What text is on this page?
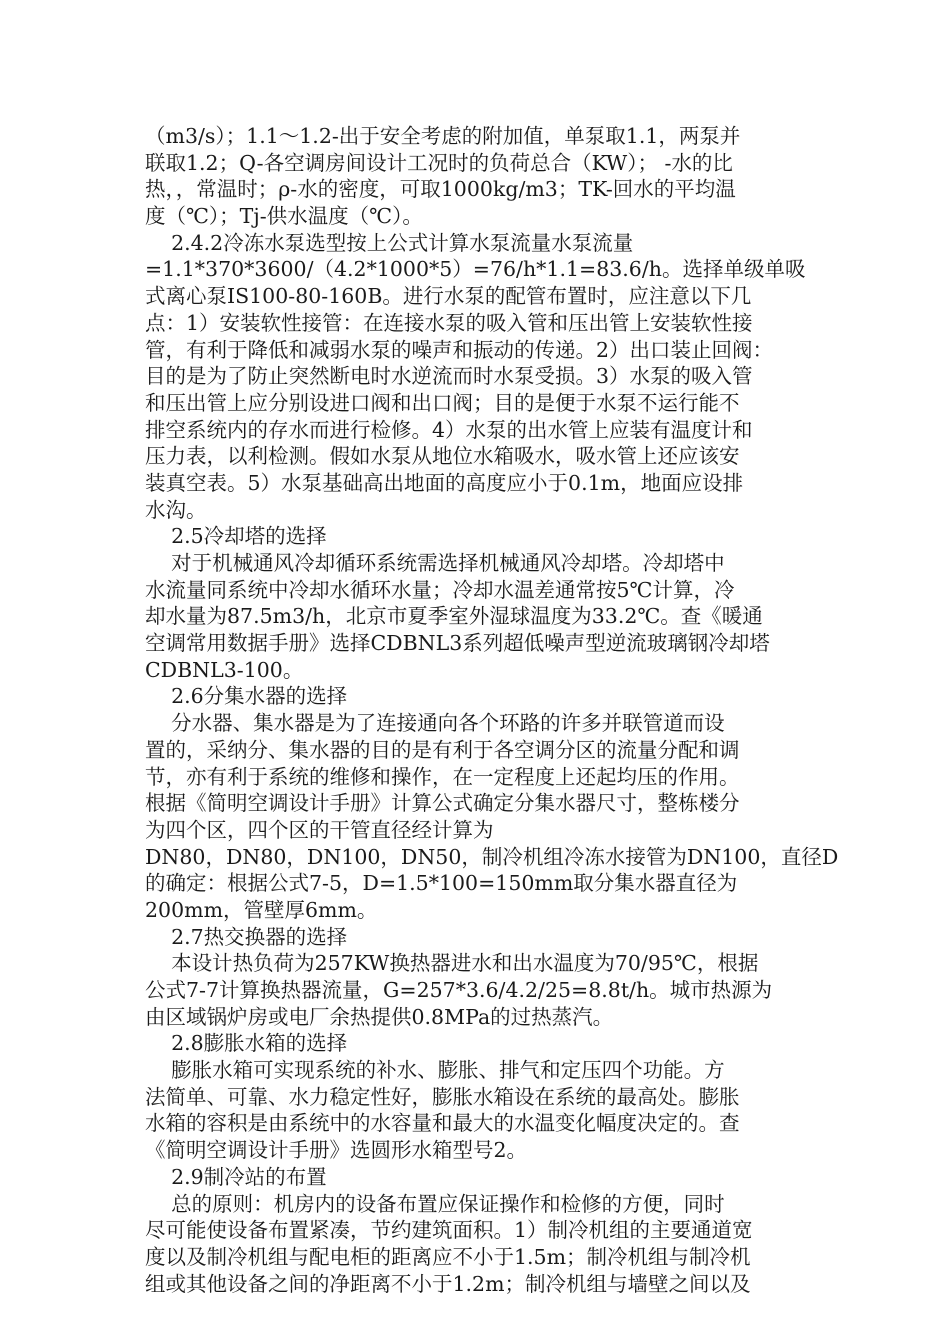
（m3/s）；1.1～1.2-出于安全考虑的附加值，单泵取1.1，两泵并
联取1.2；Q-各空调房间设计工况时的负荷总合（KW）； -水的比
热，，常温时；ρ-水的密度，可取1000kg/m3；TK-回水的平均温
度（℃）；Tj-供水温度（℃）。
2.4.2冷冻水泵选型按上公式计算水泵流量水泵流量
=1.1*370*3600/（4.2*1000*5）=76/h*1.1=83.6/h。选择单级单吸
式离心泵IS100-80-160B。进行水泵的配管布置时，应注意以下几
点：1）安装软性接管：在连接水泵的吸入管和压出管上安装软性接
管，有利于降低和减弱水泵的噪声和振动的传递。2）出口装止回阀：
目的是为了防止突然断电时水逆流而时水泵受损。3）水泵的吸入管
和压出管上应分别设进口阀和出口阀；目的是便于水泵不运行能不
排空系统内的存水而进行检修。4）水泵的出水管上应装有温度计和
压力表，以利检测。假如水泵从地位水箱吸水，吸水管上还应该安
装真空表。5）水泵基础高出地面的高度应小于0.1m，地面应设排
水沟。
2.5冷却塔的选择
对于机械通风冷却循环系统需选择机械通风冷却塔。冷却塔中
水流量同系统中冷却水循环水量；冷却水温差通常按5℃计算，冷
却水量为87.5m3/h，北京市夏季室外湿球温度为33.2℃。查《暖通
空调常用数据手册》选择CDBNL3系列超低噪声型逆流玻璃钢冷却塔
CDBNL3-100。
2.6分集水器的选择
分水器、集水器是为了连接通向各个环路的许多并联管道而设
置的，采纳分、集水器的目的是有利于各空调分区的流量分配和调
节，亦有利于系统的维修和操作，在一定程度上还起均压的作用。
根据《简明空调设计手册》计算公式确定分集水器尺寸，整栋楼分
为四个区，四个区的干管直径经计算为
DN80，DN80，DN100，DN50，制冷机组冷冻水接管为DN100，直径D
的确定：根据公式7-5，D=1.5*100=150mm取分集水器直径为
200mm，管壁厚6mm。
2.7热交换器的选择
本设计热负荷为257KW换热器进水和出水温度为70/95℃，根据
公式7-7计算换热器流量，G=257*3.6/4.2/25=8.8t/h。城市热源为
由区域锅炉房或电厂余热提供0.8MPa的过热蒸汽。
2.8膨胀水箱的选择
膨胀水箱可实现系统的补水、膨胀、排气和定压四个功能。方
法简单、可靠、水力稳定性好，膨胀水箱设在系统的最高处。膨胀
水箱的容积是由系统中的水容量和最大的水温变化幅度决定的。查
《简明空调设计手册》选圆形水箱型号2。
2.9制冷站的布置
总的原则：机房内的设备布置应保证操作和检修的方便，同时
尽可能使设备布置紧凑，节约建筑面积。1）制冷机组的主要通道宽
度以及制冷机组与配电柜的距离应不小于1.5m；制冷机组与制冷机
组或其他设备之间的净距离不小于1.2m；制冷机组与墙壁之间以及
